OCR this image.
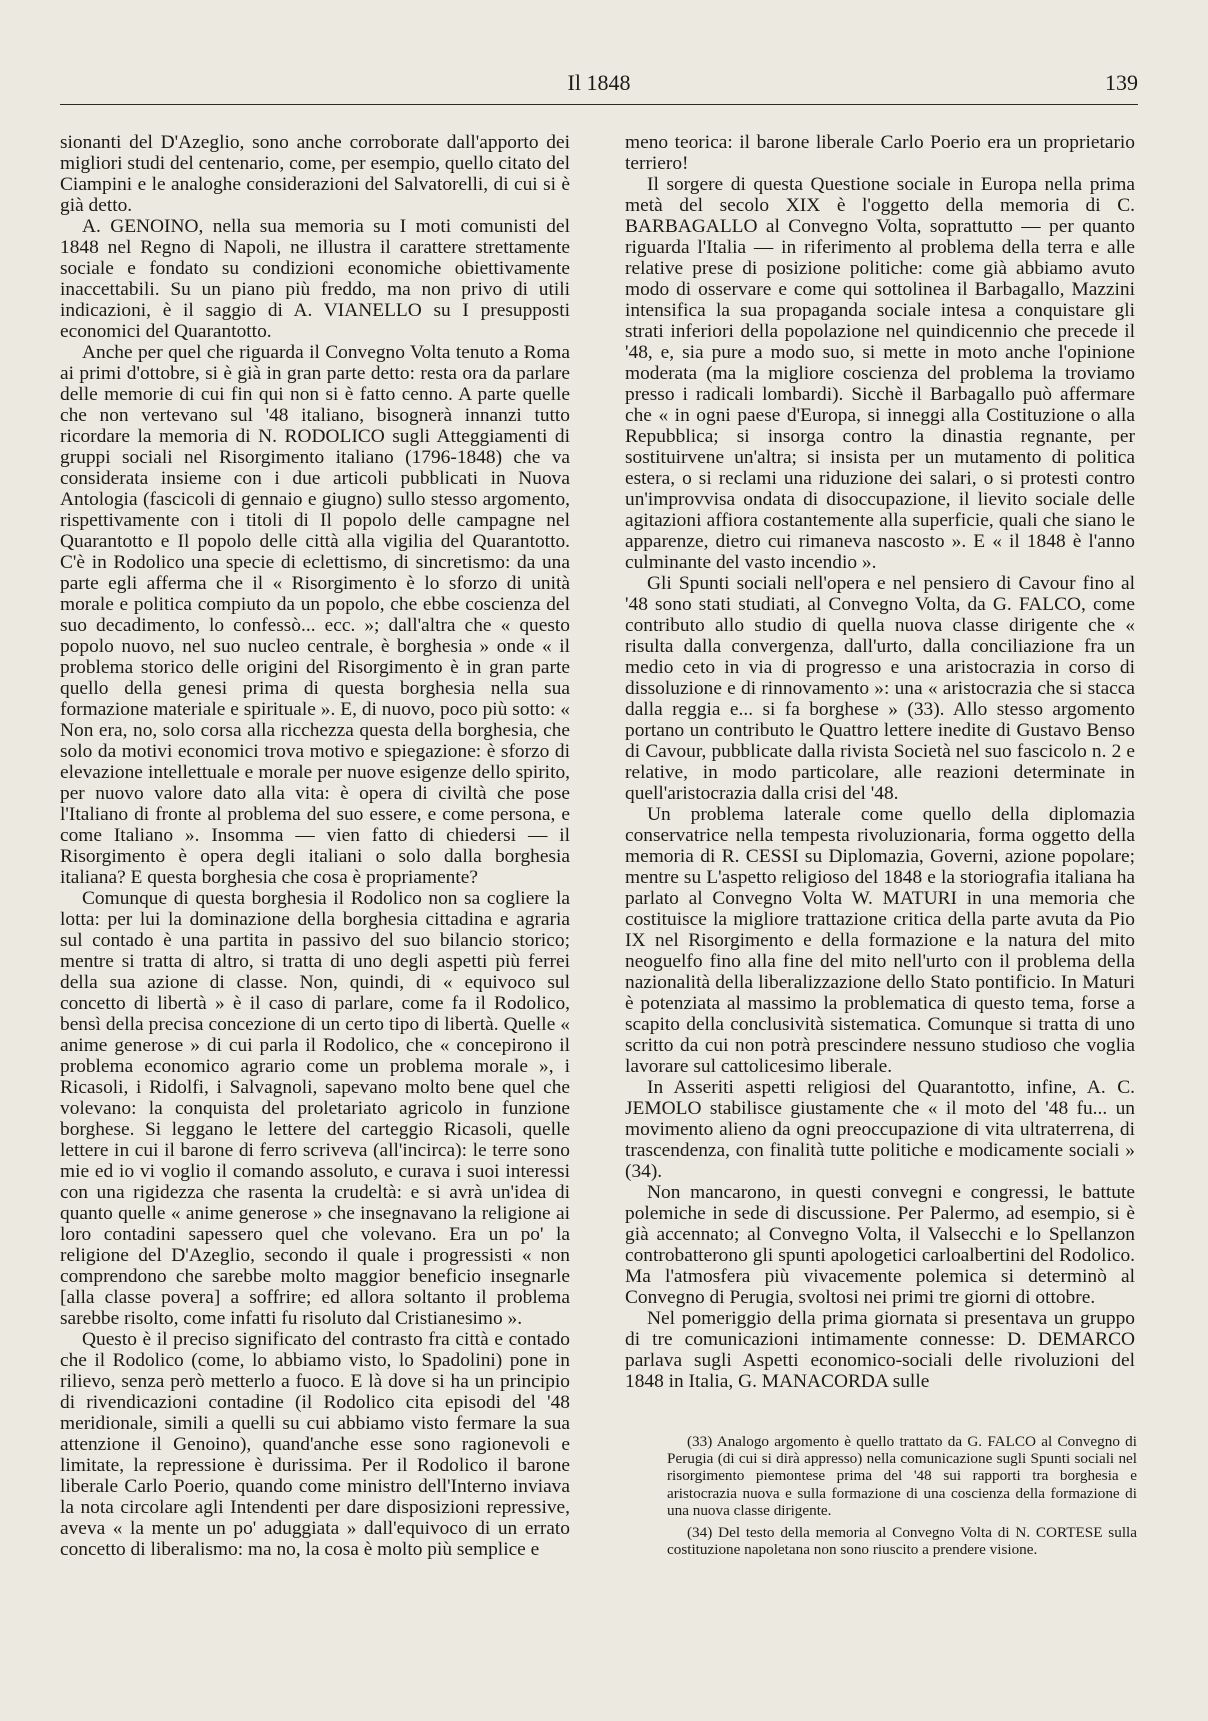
Il 1848	139

sionanti del D'Azeglio, sono anche corroborate dall'apporto dei migliori studi del centenario, come, per esempio, quello citato del Ciampini e le analoghe considerazioni del Salvatorelli, di cui si è già detto.

A. GENOINO, nella sua memoria su I moti comunisti del 1848 nel Regno di Napoli, ne illustra il carattere strettamente sociale e fondato su condizioni economiche obiettivamente inaccettabili. Su un piano più freddo, ma non privo di utili indicazioni, è il saggio di A. VIANELLO su I presupposti economici del Quarantotto.

Anche per quel che riguarda il Convegno Volta tenuto a Roma ai primi d'ottobre, si è già in gran parte detto: resta ora da parlare delle memorie di cui fin qui non si è fatto cenno. A parte quelle che non vertevano sul '48 italiano, bisognerà innanzi tutto ricordare la memoria di N. RODOLICO sugli Atteggiamenti di gruppi sociali nel Risorgimento italiano (1796-1848) che va considerata insieme con i due articoli pubblicati in Nuova Antologia (fascicoli di gennaio e giugno) sullo stesso argomento, rispettivamente con i titoli di Il popolo delle campagne nel Quarantotto e Il popolo delle città alla vigilia del Quarantotto. C'è in Rodolico una specie di eclettismo, di sincretismo: da una parte egli afferma che il « Risorgimento è lo sforzo di unità morale e politica compiuto da un popolo, che ebbe coscienza del suo decadimento, lo confessò... ecc. »; dall'altra che « questo popolo nuovo, nel suo nucleo centrale, è borghesia » onde « il problema storico delle origini del Risorgimento è in gran parte quello della genesi prima di questa borghesia nella sua formazione materiale e spirituale ». E, di nuovo, poco più sotto: « Non era, no, solo corsa alla ricchezza questa della borghesia, che solo da motivi economici trova motivo e spiegazione: è sforzo di elevazione intellettuale e morale per nuove esigenze dello spirito, per nuovo valore dato alla vita: è opera di civiltà che pose l'Italiano di fronte al problema del suo essere, e come persona, e come Italiano ». Insomma — vien fatto di chiedersi — il Risorgimento è opera degli italiani o solo dalla borghesia italiana? E questa borghesia che cosa è propriamente?

Comunque di questa borghesia il Rodolico non sa cogliere la lotta: per lui la dominazione della borghesia cittadina e agraria sul contado è una partita in passivo del suo bilancio storico; mentre si tratta di altro, si tratta di uno degli aspetti più ferrei della sua azione di classe. Non, quindi, di « equivoco sul concetto di libertà » è il caso di parlare, come fa il Rodolico, bensì della precisa concezione di un certo tipo di libertà. Quelle « anime generose » di cui parla il Rodolico, che « concepirono il problema economico agrario come un problema morale », i Ricasoli, i Ridolfi, i Salvagnoli, sapevano molto bene quel che volevano: la conquista del proletariato agricolo in funzione borghese. Si leggano le lettere del carteggio Ricasoli, quelle lettere in cui il barone di ferro scriveva (all'incirca): le terre sono mie ed io vi voglio il comando assoluto, e curava i suoi interessi con una rigidezza che rasenta la crudeltà: e si avrà un'idea di quanto quelle « anime generose » che insegnavano la religione ai loro contadini sapessero quel che volevano. Era un po' la religione del D'Azeglio, secondo il quale i progressisti « non comprendono che sarebbe molto maggior beneficio insegnarle [alla classe povera] a soffrire; ed allora soltanto il problema sarebbe risolto, come infatti fu risoluto dal Cristianesimo ».

Questo è il preciso significato del contrasto fra città e contado che il Rodolico (come, lo abbiamo visto, lo Spadolini) pone in rilievo, senza però metterlo a fuoco. E là dove si ha un principio di rivendicazioni contadine (il Rodolico cita episodi del '48 meridionale, simili a quelli su cui abbiamo visto fermare la sua attenzione il Genoino), quand'anche esse sono ragionevoli e limitate, la repressione è durissima. Per il Rodolico il barone liberale Carlo Poerio, quando come ministro dell'Interno inviava la nota circolare agli Intendenti per dare disposizioni repressive, aveva « la mente un po' aduggiata » dall'equivoco di un errato concetto di liberalismo: ma no, la cosa è molto più semplice e

meno teorica: il barone liberale Carlo Poerio era un proprietario terriero!

Il sorgere di questa Questione sociale in Europa nella prima metà del secolo XIX è l'oggetto della memoria di C. BARBAGALLO al Convegno Volta, soprattutto — per quanto riguarda l'Italia — in riferimento al problema della terra e alle relative prese di posizione politiche: come già abbiamo avuto modo di osservare e come qui sottolinea il Barbagallo, Mazzini intensifica la sua propaganda sociale intesa a conquistare gli strati inferiori della popolazione nel quindicennio che precede il '48, e, sia pure a modo suo, si mette in moto anche l'opinione moderata (ma la migliore coscienza del problema la troviamo presso i radicali lombardi). Sicchè il Barbagallo può affermare che « in ogni paese d'Europa, si inneggi alla Costituzione o alla Repubblica; si insorga contro la dinastia regnante, per sostituirvene un'altra; si insista per un mutamento di politica estera, o si reclami una riduzione dei salari, o si protesti contro un'improvvisa ondata di disoccupazione, il lievito sociale delle agitazioni affiora costantemente alla superficie, quali che siano le apparenze, dietro cui rimaneva nascosto ». E « il 1848 è l'anno culminante del vasto incendio ».

Gli Spunti sociali nell'opera e nel pensiero di Cavour fino al '48 sono stati studiati, al Convegno Volta, da G. FALCO, come contributo allo studio di quella nuova classe dirigente che « risulta dalla convergenza, dall'urto, dalla conciliazione fra un medio ceto in via di progresso e una aristocrazia in corso di dissoluzione e di rinnovamento »: una « aristocrazia che si stacca dalla reggia e... si fa borghese » (33). Allo stesso argomento portano un contributo le Quattro lettere inedite di Gustavo Benso di Cavour, pubblicate dalla rivista Società nel suo fascicolo n. 2 e relative, in modo particolare, alle reazioni determinate in quell'aristocrazia dalla crisi del '48.

Un problema laterale come quello della diplomazia conservatrice nella tempesta rivoluzionaria, forma oggetto della memoria di R. CESSI su Diplomazia, Governi, azione popolare; mentre su L'aspetto religioso del 1848 e la storiografia italiana ha parlato al Convegno Volta W. MATURI in una memoria che costituisce la migliore trattazione critica della parte avuta da Pio IX nel Risorgimento e della formazione e la natura del mito neoguelfo fino alla fine del mito nell'urto con il problema della nazionalità della liberalizzazione dello Stato pontificio. In Maturi è potenziata al massimo la problematica di questo tema, forse a scapito della conclusività sistematica. Comunque si tratta di uno scritto da cui non potrà prescindere nessuno studioso che voglia lavorare sul cattolicesimo liberale.

In Asseriti aspetti religiosi del Quarantotto, infine, A. C. JEMOLO stabilisce giustamente che « il moto del '48 fu... un movimento alieno da ogni preoccupazione di vita ultraterrena, di trascendenza, con finalità tutte politiche e modicamente sociali » (34).

Non mancarono, in questi convegni e congressi, le battute polemiche in sede di discussione. Per Palermo, ad esempio, si è già accennato; al Convegno Volta, il Valsecchi e lo Spellanzon controbatterono gli spunti apologetici carloalbertini del Rodolico. Ma l'atmosfera più vivacemente polemica si determinò al Convegno di Perugia, svoltosi nei primi tre giorni di ottobre.

Nel pomeriggio della prima giornata si presentava un gruppo di tre comunicazioni intimamente connesse: D. DEMARCO parlava sugli Aspetti economico-sociali delle rivoluzioni del 1848 in Italia, G. MANACORDA sulle

(33) Analogo argomento è quello trattato da G. FALCO al Convegno di Perugia (di cui si dirà appresso) nella comunicazione sugli Spunti sociali nel risorgimento piemontese prima del '48 sui rapporti tra borghesia e aristocrazia nuova e sulla formazione di una coscienza della formazione di una nuova classe dirigente.

(34) Del testo della memoria al Convegno Volta di N. CORTESE sulla costituzione napoletana non sono riuscito a prendere visione.
